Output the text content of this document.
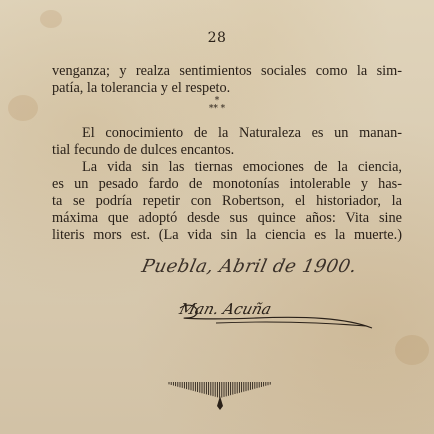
28
venganza; y realza sentimientos sociales como la sim-
patía, la tolerancia y el respeto.
*
** *
El conocimiento de la Naturaleza es un manan-
tial fecundo de dulces encantos.
La vida sin las tiernas emociones de la ciencia,
es un pesado fardo de monotonías intolerable y has-
ta se podría repetir con Robertson, el historiador, la
máxima que adoptó desde sus quince años: Vita sine
literis mors est. (La vida sin la ciencia es la muerte.)
Puebla, Abril de 1900.
Man. Acuña
